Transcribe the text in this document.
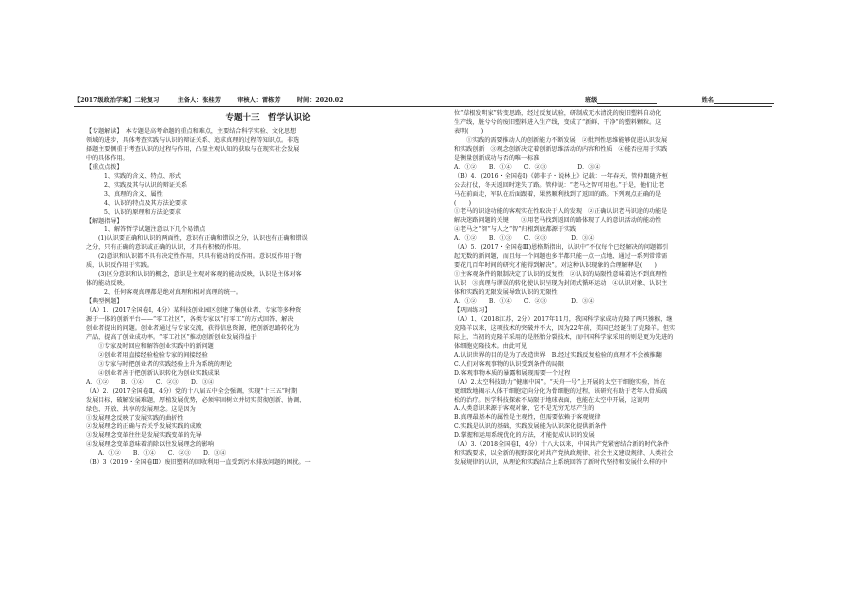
【2017级政治学案】二轮复习	主备人：张桂芳	审核人：雷栋芳	时间：2020.02	班级	姓名

专题十三　哲学认识论

【专题解读】　本专题是高考命题的重点和难点，主要结合科学实验、文化思想

领域的进步，具体考查实践与认识的辩证关系、追求真理的过程等知识点。非选

择题主要侧重于考查认识的过程与作用，凸显主观认知的获取与在现实社会发展

中的具体作用。

【重点点拨】

1、实践的含义、特点、形式

2、实践及其与认识的辩证关系

3、真理的含义、属性

4、认识的特点及其方法论要求

5、认识的原理和方法论要求

【解题指导】

1、解答哲学试题注意以下几个易错点

(1)认识要正确和认识的两面性，意识有正确和错误之分，认识也有正确和错误

之分，只有正确的意识或正确的认识，才具有积极的作用。

(2)意识和认识都不具有决定性作用，只具有能动的反作用。意识反作用于物

质，认识反作用于实践。

(3)区分意识和认识的概念，意识是主观对客观的能动反映，认识是主体对客

体的能动反映。

2、任何客观真理都是绝对真理和相对真理的统一。

【典型例题】

（A）1．(2017全国卷Ⅰ，4分）某科技创业园区创建了集创业者、专家等多种资

源于一体的创新平台——“零工社区”，各类专家以“打零工”的方式回答、解决

创业者提出的问题。创业者通过与专家交流，获得信息资源，把创新思路转化为

产品，提高了创业成功率。“零工社区”推动创新创业发展得益于

①专家及时回应和解答创业实践中的新问题

②创业者用直接经验检验专家的间接经验

③专家与时把创业者的实践经验上升为系统的理论

④创业者善于把创新认识转化为创业实践成果

A．①②　　B．①④　　C．②③　　D．③④

（A）2．(2017全国卷Ⅱ，4分）党的十八届五中全会强调，实现“十三五”时期

发展目标，破解发展难题，厚植发展优势，必须牢固树立并切实贯彻创新、协调、

绿色、开放、共享的发展理念。这是因为

①发展理念反映了发展实践的曲折性

②发展理念的正确与否关乎发展实践的成败

③发展理念变革往往是发展实践变革的先导

④发展理念变革意味着消除以往发展理念的影响

A．①②　　B．①④　　C．②③　　D．③④

（B）3（2019・全国卷Ⅲ）废旧塑料的回收利用一直受到污水排放问题的困扰。一

位“草根发明家”转变思路，经过反复试验，研制成无水清洗的废旧塑料自动化

生产线，脏兮兮的废旧塑料进入生产线，变成了“新鲜、干净”的塑料颗粒。这

表明(　　)

①实践的需要推动人的创新能力不断发展　②批判性思维能够促进认识发展

和实践创新　③观念创新决定着创新思维活动的内容和性质　④能否应用于实践

是衡量创新成功与否的唯一标准

A．①②　　B．①④　　C．②③　　　　　D．③④

（B）4．(2016・全国卷Ⅰ)《韩非子・说林上》记载：一年春天，管仲跟随齐桓

公去打仗，冬天返回时迷失了路。管仲说：“老马之智可用也。”于是，他们让老

马在前面走，军队在后面跟着，果然顺利找到了返回的路。下列观点正确的是

(　　)

①老马的识途功能的客观实在性取决于人的发现　②正确认识老马识途的功能是

解决迷路问题的关键　　③用老马找到返回的路体现了人的意识活动的能动性

④老马之“智”与人之“智”归根到底都源于实践

A．①②　　B．①③　　C．②③　　　　D．③④

（A）5．(2017・全国卷Ⅲ)恩格斯指出，认识中“不仅每个已经解决的问题都引

起无数的新问题，而且每一个问题也多半都只能一点一点地、通过一系列常常需

要花几百年时间的研究才能得到解决”。对这种认识现象的合理解释是(　　)

①主客观条件的限制决定了认识的反复性　②认识的局限性意味着达不到真理性

认识　③真理与谬误的转化使认识呈现为封闭式循环运动　④认识对象、认识主

体和实践的无限发展导致认识的无限性

A．①②　　B．①④　　C．②③　　　　D．③④

【巩固练习】

（A）1、（2018江苏，2分）2017年11月，我国科学家成功克隆了两只猕猴，继

克隆羊以来，这项技术的突破并不大，因为22年前，美国已经诞生了克隆羊。但实

际上，当初的克隆羊采用的是胚胎分裂技术，而中国科学家采用的则是更为先进的

体细胞克隆技术。由此可见

A.认识世界的目的是为了改造世界　B.经过实践反复检验的真理才不会被推翻

C.人们对客观事物的认识受到条件的局限

D.客观事物本质的暴露和展现需要一个过程

（A）2.太空科技助力“健康中国”。“天舟一号”上开展的太空干细胞实验，旨在

更细致地揭示人体干细胞定向分化为骨细胞的过程，该研究有助于老年人骨质疏

松的治疗。医学科技探索不局限于地球表面，也能在太空中开展，这说明

A.人类意识来源于客观对象，它不是无穷无尽产生的

B.真理最基本的属性是主观性，但需要依赖于客观规律

C.实践是认识的基础，实践发展能为认识深化提供新条件

D.掌握和运用系统优化的方法，才能促成认识的发展

（A）3.（2018全国卷Ⅰ，4分）十八大以来，中国共产党紧密结合新的时代条件

和实践要求，以全新的视野深化对共产党执政规律、社会主义建设规律、人类社会

发展规律的认识，从理论和实践结合上系统回答了新时代坚持和发展什么样的中
